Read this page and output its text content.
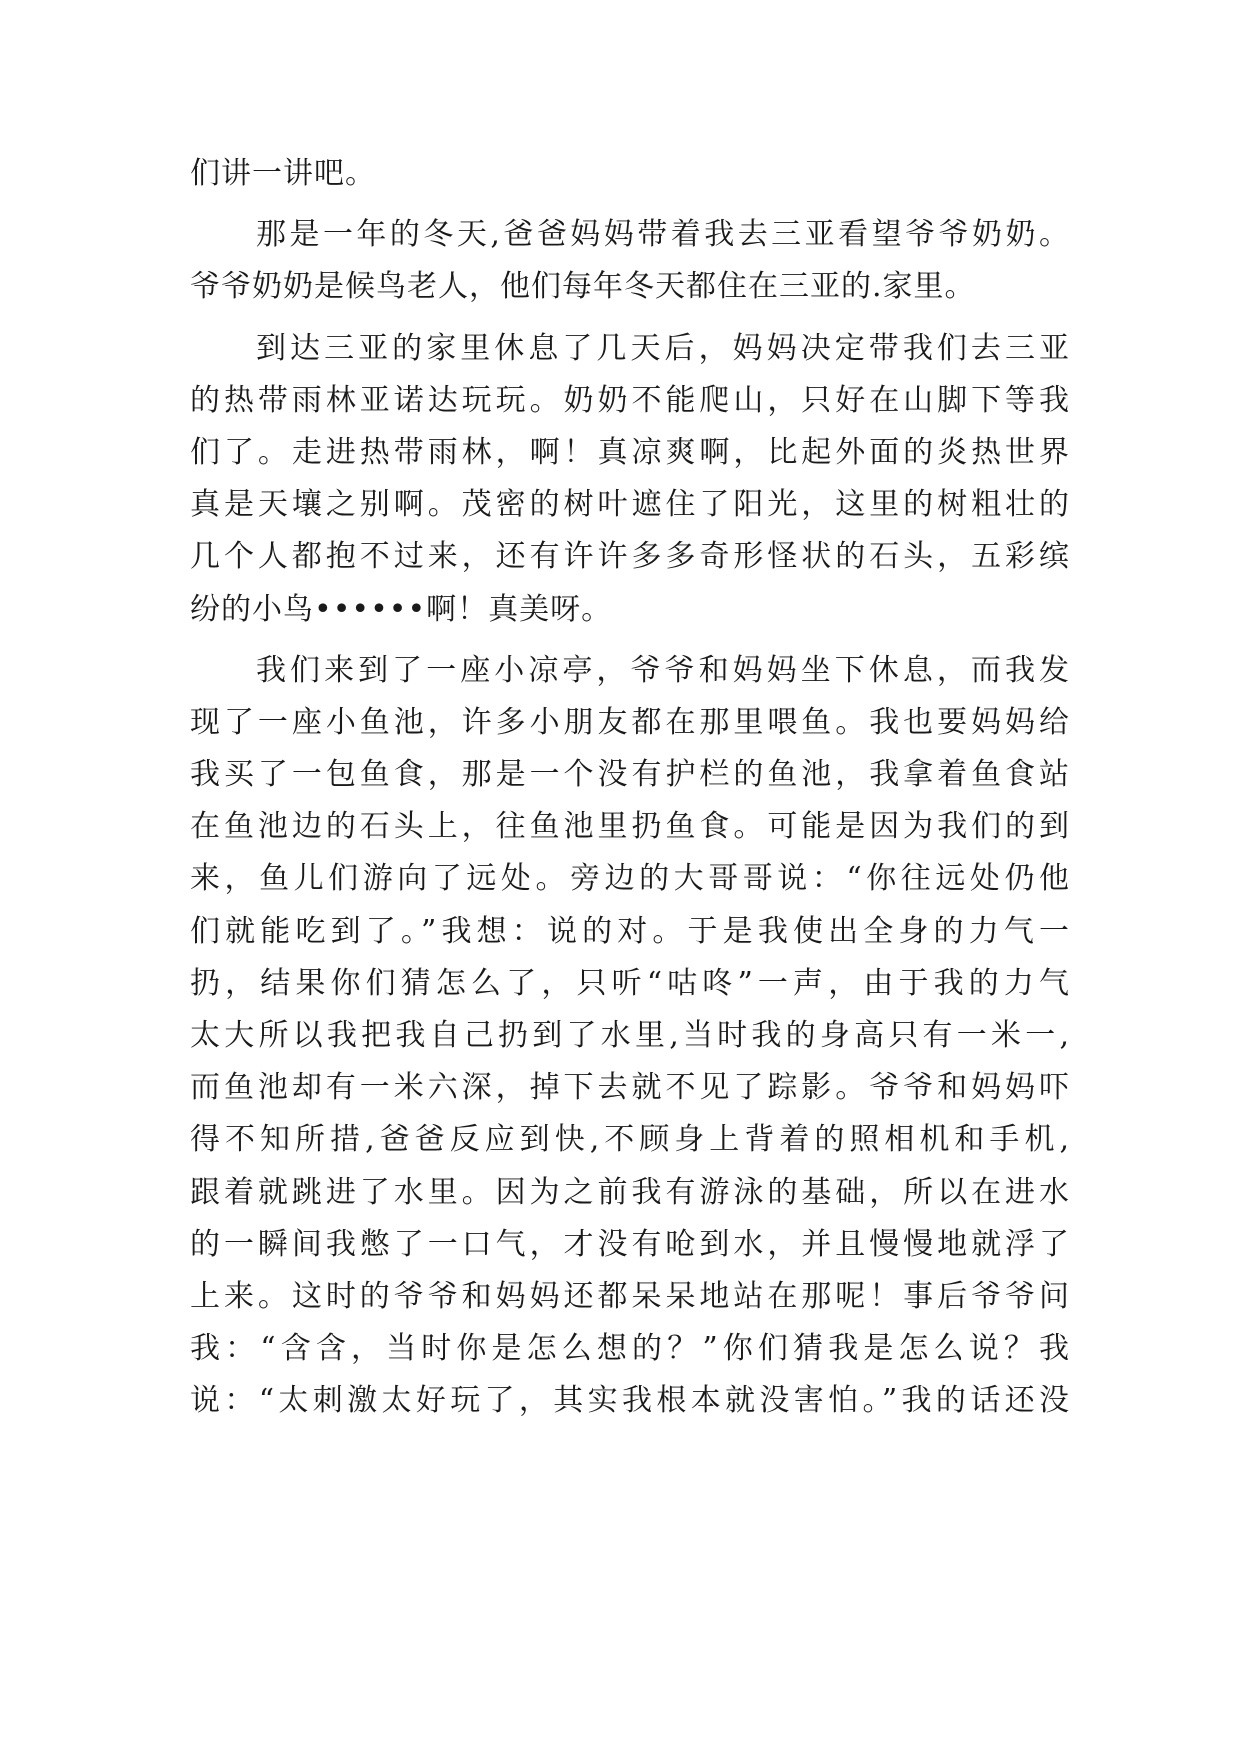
们讲一讲吧。
那是一年的冬天,爸爸妈妈带着我去三亚看望爷爷奶奶。
爷爷奶奶是候鸟老人，他们每年冬天都住在三亚的.家里。
到达三亚的家里休息了几天后，妈妈决定带我们去三亚
的热带雨林亚诺达玩玩。奶奶不能爬山，只好在山脚下等我
们了。走进热带雨林，啊！真凉爽啊，比起外面的炎热世界
真是天壤之别啊。茂密的树叶遮住了阳光，这里的树粗壮的
几个人都抱不过来，还有许许多多奇形怪状的石头，五彩缤
纷的小鸟••••••啊！真美呀。
我们来到了一座小凉亭，爷爷和妈妈坐下休息，而我发
现了一座小鱼池，许多小朋友都在那里喂鱼。我也要妈妈给
我买了一包鱼食，那是一个没有护栏的鱼池，我拿着鱼食站
在鱼池边的石头上，往鱼池里扔鱼食。可能是因为我们的到
来，鱼儿们游向了远处。旁边的大哥哥说：“你往远处仍他
们就能吃到了。”我想：说的对。于是我使出全身的力气一
扔，结果你们猜怎么了，只听“咕咚”一声，由于我的力气
太大所以我把我自己扔到了水里,当时我的身高只有一米一,
而鱼池却有一米六深，掉下去就不见了踪影。爷爷和妈妈吓
得不知所措,爸爸反应到快,不顾身上背着的照相机和手机,
跟着就跳进了水里。因为之前我有游泳的基础，所以在进水
的一瞬间我憋了一口气，才没有呛到水，并且慢慢地就浮了
上来。这时的爷爷和妈妈还都呆呆地站在那呢！事后爷爷问
我：“含含，当时你是怎么想的？”你们猜我是怎么说？我
说：“太刺激太好玩了，其实我根本就没害怕。”我的话还没
